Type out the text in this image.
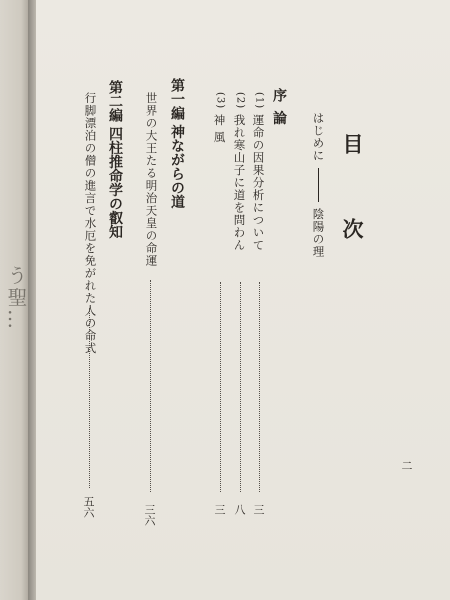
う聖…
目
次
はじめに陰陽の理
二
序 論
(1) 運命の因果分析について
(2) 我れ寒山子に道を問わん
(3) 神 風
三
八
三
第一編 神ながらの道
世界の大王たる明治天皇の命運
三六
第二編 四柱推命学の叡知
行脚漂泊の僧の進言で水厄を免がれた人の命式
五六
